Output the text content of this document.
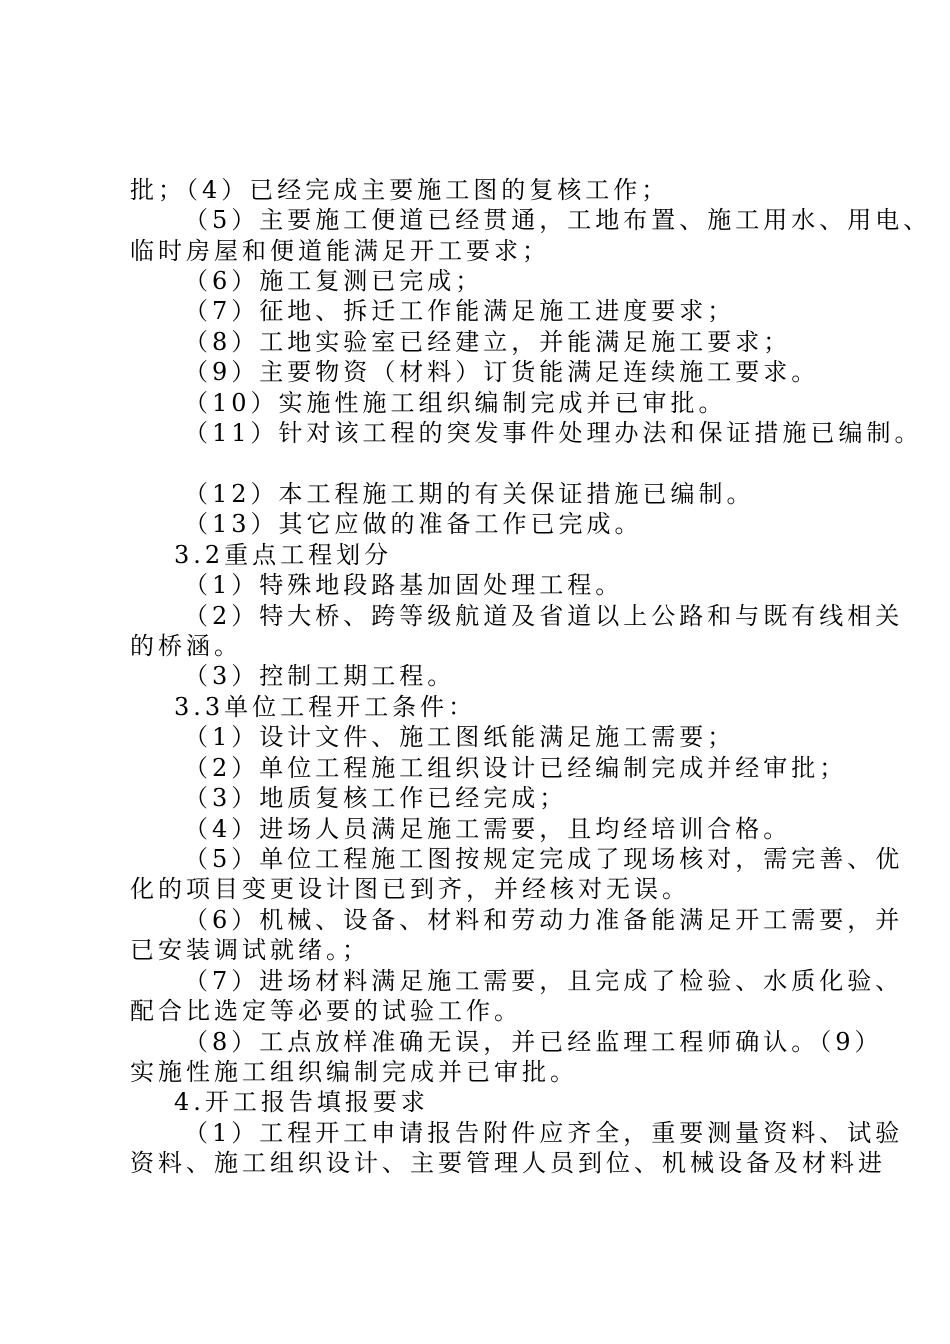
批；（4）已经完成主要施工图的复核工作；
（5）主要施工便道已经贯通，工地布置、施工用水、用电、
临时房屋和便道能满足开工要求；
（6）施工复测已完成；
（7）征地、拆迁工作能满足施工进度要求；
（8）工地实验室已经建立，并能满足施工要求；
（9）主要物资（材料）订货能满足连续施工要求。
（10）实施性施工组织编制完成并已审批。
（11）针对该工程的突发事件处理办法和保证措施已编制。
（12）本工程施工期的有关保证措施已编制。
（13）其它应做的准备工作已完成。
3.2重点工程划分
（1）特殊地段路基加固处理工程。
（2）特大桥、跨等级航道及省道以上公路和与既有线相关
的桥涵。
（3）控制工期工程。
3.3单位工程开工条件：
（1）设计文件、施工图纸能满足施工需要；
（2）单位工程施工组织设计已经编制完成并经审批；
（3）地质复核工作已经完成；
（4）进场人员满足施工需要，且均经培训合格。
（5）单位工程施工图按规定完成了现场核对，需完善、优
化的项目变更设计图已到齐，并经核对无误。
（6）机械、设备、材料和劳动力准备能满足开工需要，并
已安装调试就绪。；
（7）进场材料满足施工需要，且完成了检验、水质化验、
配合比选定等必要的试验工作。
（8）工点放样准确无误，并已经监理工程师确认。（9）
实施性施工组织编制完成并已审批。
4.开工报告填报要求
（1）工程开工申请报告附件应齐全，重要测量资料、试验
资料、施工组织设计、主要管理人员到位、机械设备及材料进
